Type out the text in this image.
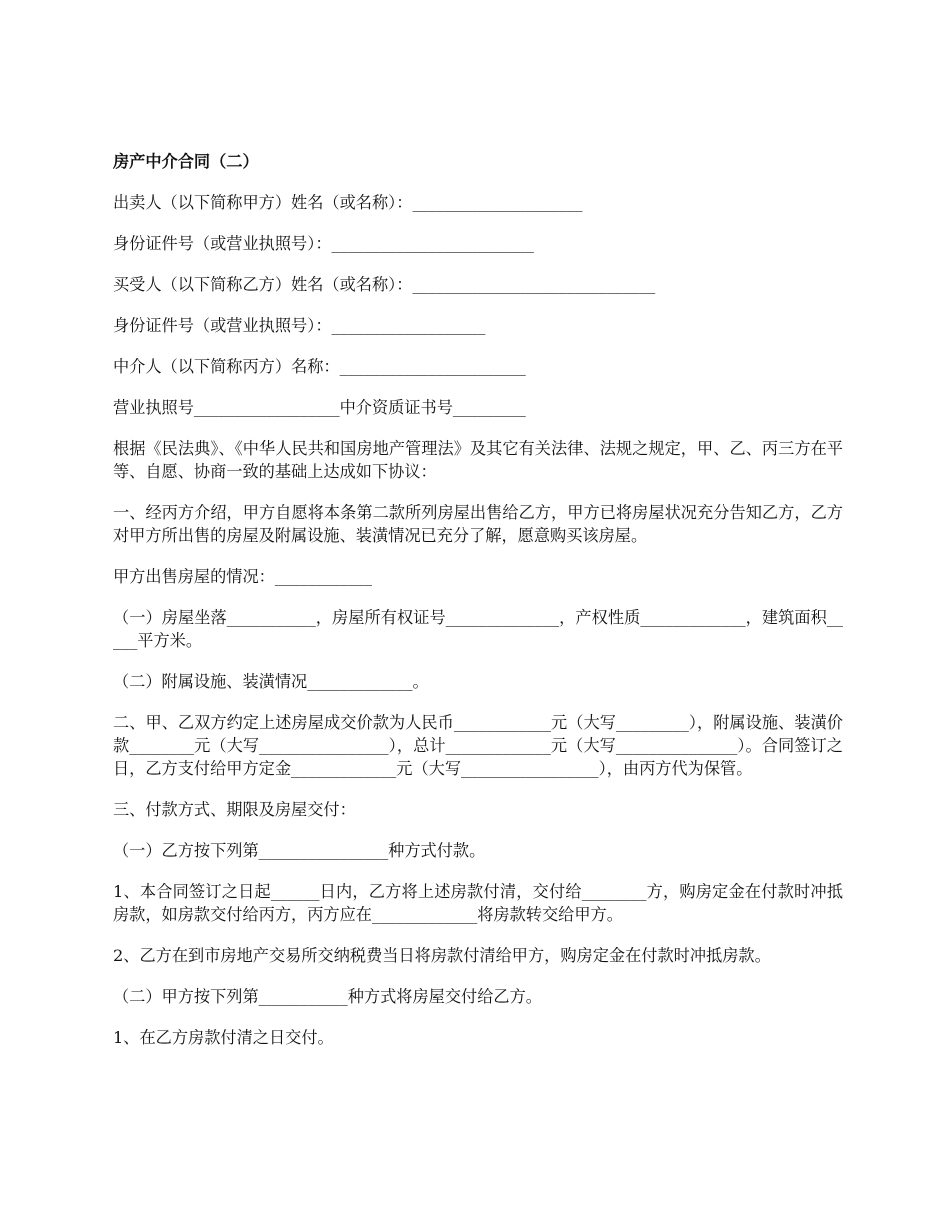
房产中介合同（二）
出卖人（以下简称甲方）姓名（或名称）：_____________________
身份证件号（或营业执照号）：_________________________
买受人（以下简称乙方）姓名（或名称）：______________________________
身份证件号（或营业执照号）：___________________
中介人（以下简称丙方）名称：_______________________
营业执照号__________________中介资质证书号_________
根据《民法典》、《中华人民共和国房地产管理法》及其它有关法律、法规之规定，甲、乙、丙三方在平等、自愿、协商一致的基础上达成如下协议：
一、经丙方介绍，甲方自愿将本条第二款所列房屋出售给乙方，甲方已将房屋状况充分告知乙方，乙方对甲方所出售的房屋及附属设施、装潢情况已充分了解，愿意购买该房屋。
甲方出售房屋的情况：____________
（一）房屋坐落___________，房屋所有权证号______________，产权性质_____________，建筑面积_____平方米。
（二）附属设施、装潢情况_____________。
二、甲、乙双方约定上述房屋成交价款为人民币____________元（大写_________），附属设施、装潢价款________元（大写________________），总计_____________元（大写_______________）。合同签订之日，乙方支付给甲方定金_____________元（大写_________________），由丙方代为保管。
三、付款方式、期限及房屋交付：
（一）乙方按下列第________________种方式付款。
1、本合同签订之日起______日内，乙方将上述房款付清，交付给________方，购房定金在付款时冲抵房款，如房款交付给丙方，丙方应在_____________将房款转交给甲方。
2、乙方在到市房地产交易所交纳税费当日将房款付清给甲方，购房定金在付款时冲抵房款。
（二）甲方按下列第___________种方式将房屋交付给乙方。
1、在乙方房款付清之日交付。
